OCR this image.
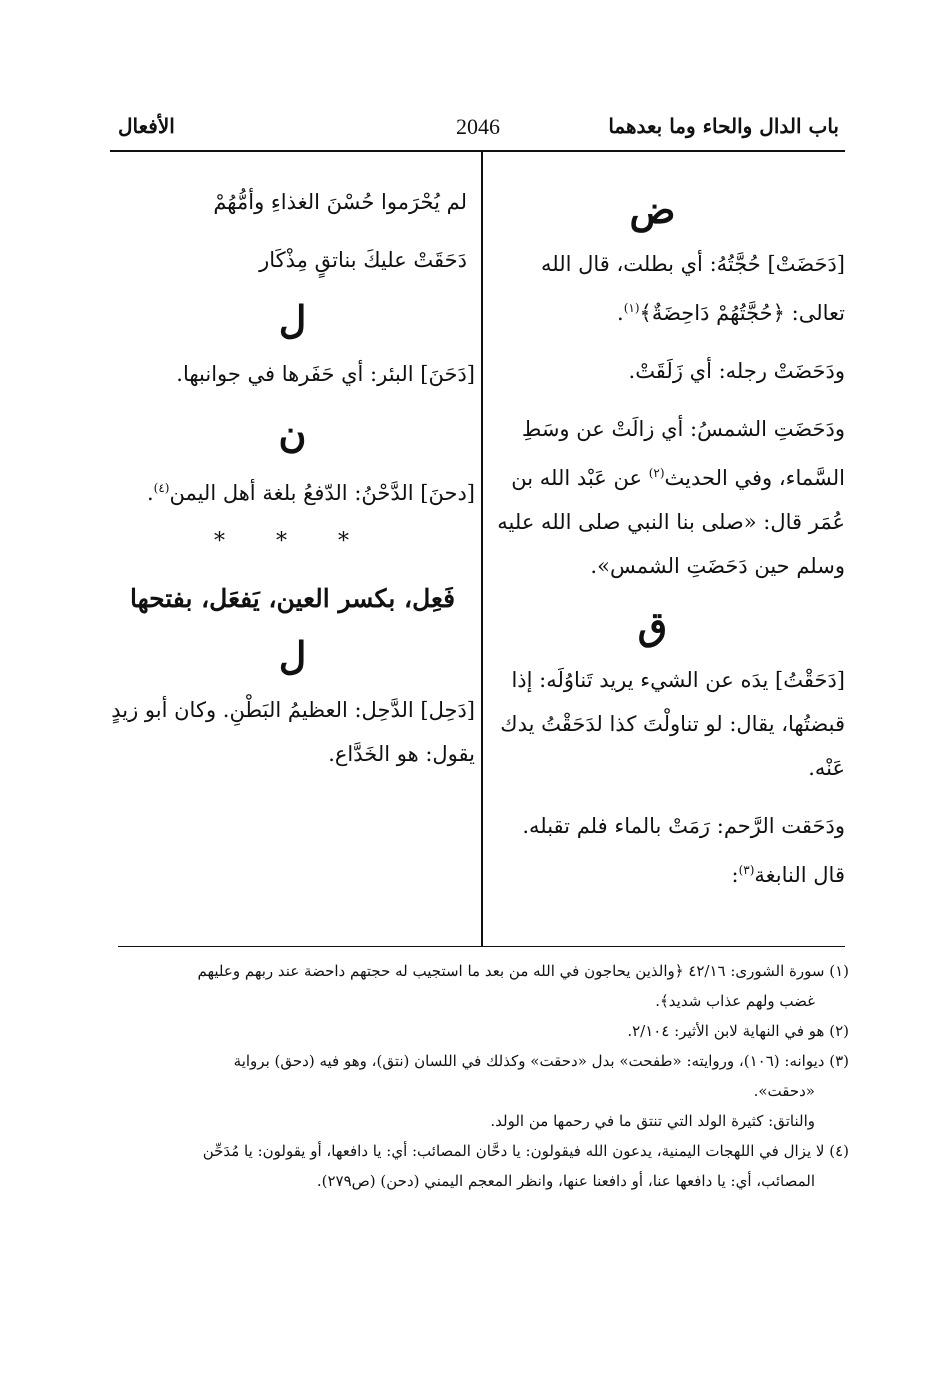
باب الدال والحاء وما بعدهما
2046
الأفعال
ض

[دَحَضَتْ] حُجَّتُهُ: أي بطلت، قال الله تعالى: ﴿حُجَّتُهُمْ دَاحِضَةٌ﴾$^{(١)}$.

ودَحَضَتْ رجله: أي زَلَقَتْ.

ودَحَضَتِ الشمسُ: أي زالَتْ عن وسَطِ السَّماء، وفي الحديث$^{(٢)}$ عن عَبْد الله بن عُمَر قال: «صلى بنا النبي صلى الله عليه وسلم حين دَحَضَتِ الشمس».

ق

[دَحَقْتُ] يدَه عن الشيء يريد تَناوُلَه: إذا قبضتُها، يقال: لو تناولْتَ كذا لدَحَقْتُ يدك عَنْه.

ودَحَقت الرَّحم: رَمَتْ بالماء فلم تقبله. قال النابغة$^{(٣)}$:

لم يُحْرَموا حُسْنَ الغذاءِ وأمُّهُمْ

دَحَقَتْ عليكَ بناتقٍ مِذْكَار

ل

[دَحَنَ] البئر: أي حَفَرها في جوانبها.

ن

[دحنَ] الدَّحْنُ: الدّفعُ بلغة أهل اليمن$^{(٤)}$.

* * *
فَعِل، بكسر العين، يَفعَل، بفتحها
ل

[دَحِل] الدَّحِل: العظيمُ البَطْنِ. وكان أبو زيدٍ يقول: هو الخَدَّاع.

(١) سورة الشورى: ٤٢/١٦ ﴿والذين يحاجون في الله من بعد ما استجيب له حجتهم داحضة عند ربهم وعليهم

غضب ولهم عذاب شديد﴾.

(٢) هو في النهاية لابن الأثير: ٢/١٠٤.

(٣) ديوانه: (١٠٦)، وروايته: «طفحت» بدل «دحقت» وكذلك في اللسان (نتق)، وهو فيه (دحق) برواية

«دحقت».

والناتق: كثيرة الولد التي تنتق ما في رحمها من الولد.

(٤) لا يزال في اللهجات اليمنية، يدعون الله فيقولون: يا دحَّان المصائب: أي: يا دافعها، أو يقولون: يا مُدَحِّن

المصائب، أي: يا دافعها عنا، أو دافعنا عنها، وانظر المعجم اليمني (دحن) (ص٢٧٩).
